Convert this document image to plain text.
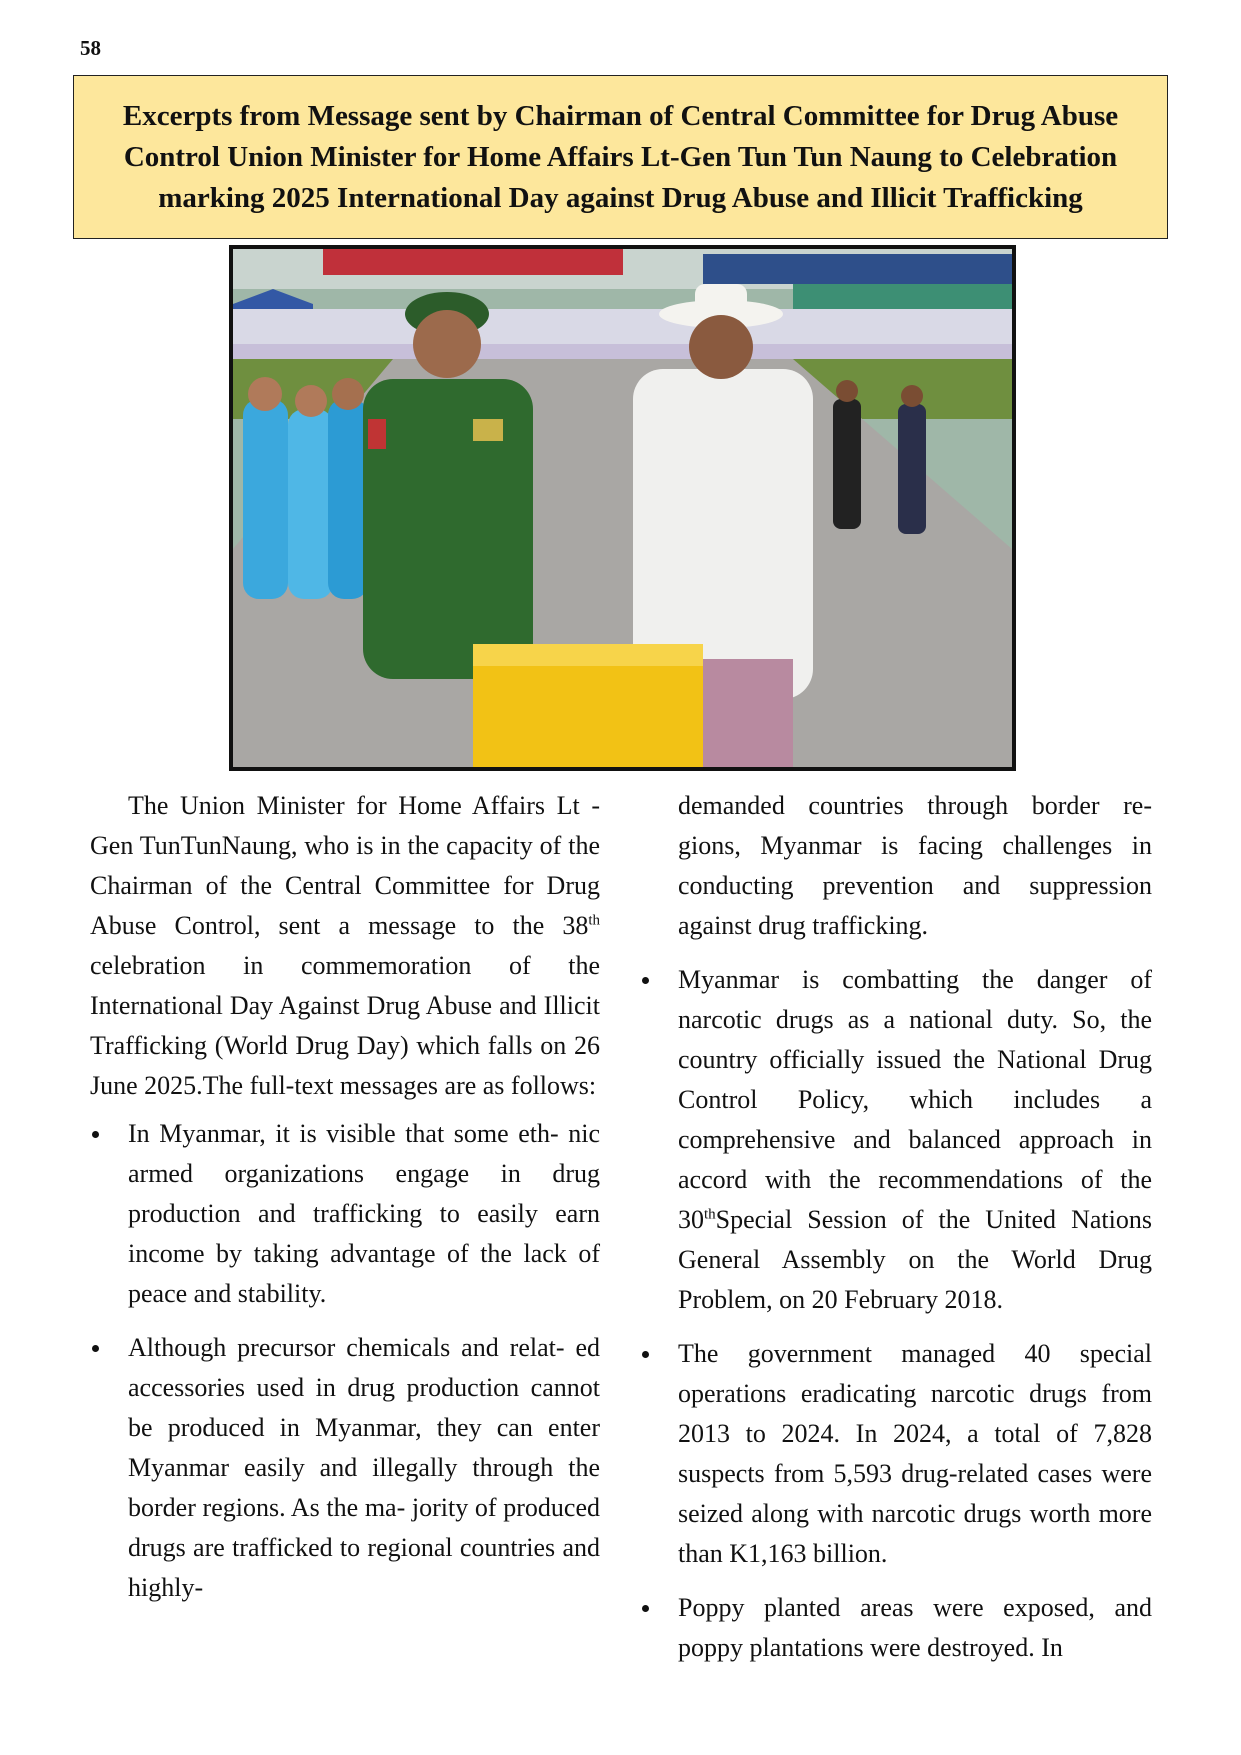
58
Excerpts from Message sent by Chairman of Central Committee for Drug Abuse Control Union Minister for Home Affairs Lt-Gen Tun Tun Naung to Celebration marking 2025 International Day against Drug Abuse and Illicit Trafficking

The Union Minister for Home Affairs Lt -Gen TunTunNaung, who is in the capacity of the Chairman of the Central Committee for Drug Abuse Control, sent a message to the 38th celebration in commemoration of the International Day Against Drug Abuse and Illicit Trafficking (World Drug Day) which falls on 26 June 2025.The full-text messages are as follows:

In Myanmar, it is visible that some eth- nic armed organizations engage in drug production and trafficking to easily earn income by taking advantage of the lack of peace and stability.
Although precursor chemicals and relat- ed accessories used in drug production cannot be produced in Myanmar, they can enter Myanmar easily and illegally through the border regions. As the ma- jority of produced drugs are trafficked to regional countries and highly-

demanded countries through border re- gions, Myanmar is facing challenges in conducting prevention and suppression against drug trafficking.

Myanmar is combatting the danger of narcotic drugs as a national duty. So, the country officially issued the National Drug Control Policy, which includes a comprehensive and balanced approach in accord with the recommendations of the 30thSpecial Session of the United Nations General Assembly on the World Drug Problem, on 20 February 2018.
The government managed 40 special operations eradicating narcotic drugs from 2013 to 2024. In 2024, a total of 7,828 suspects from 5,593 drug-related cases were seized along with narcotic drugs worth more than K1,163 billion.
Poppy planted areas were exposed, and poppy plantations were destroyed. In
